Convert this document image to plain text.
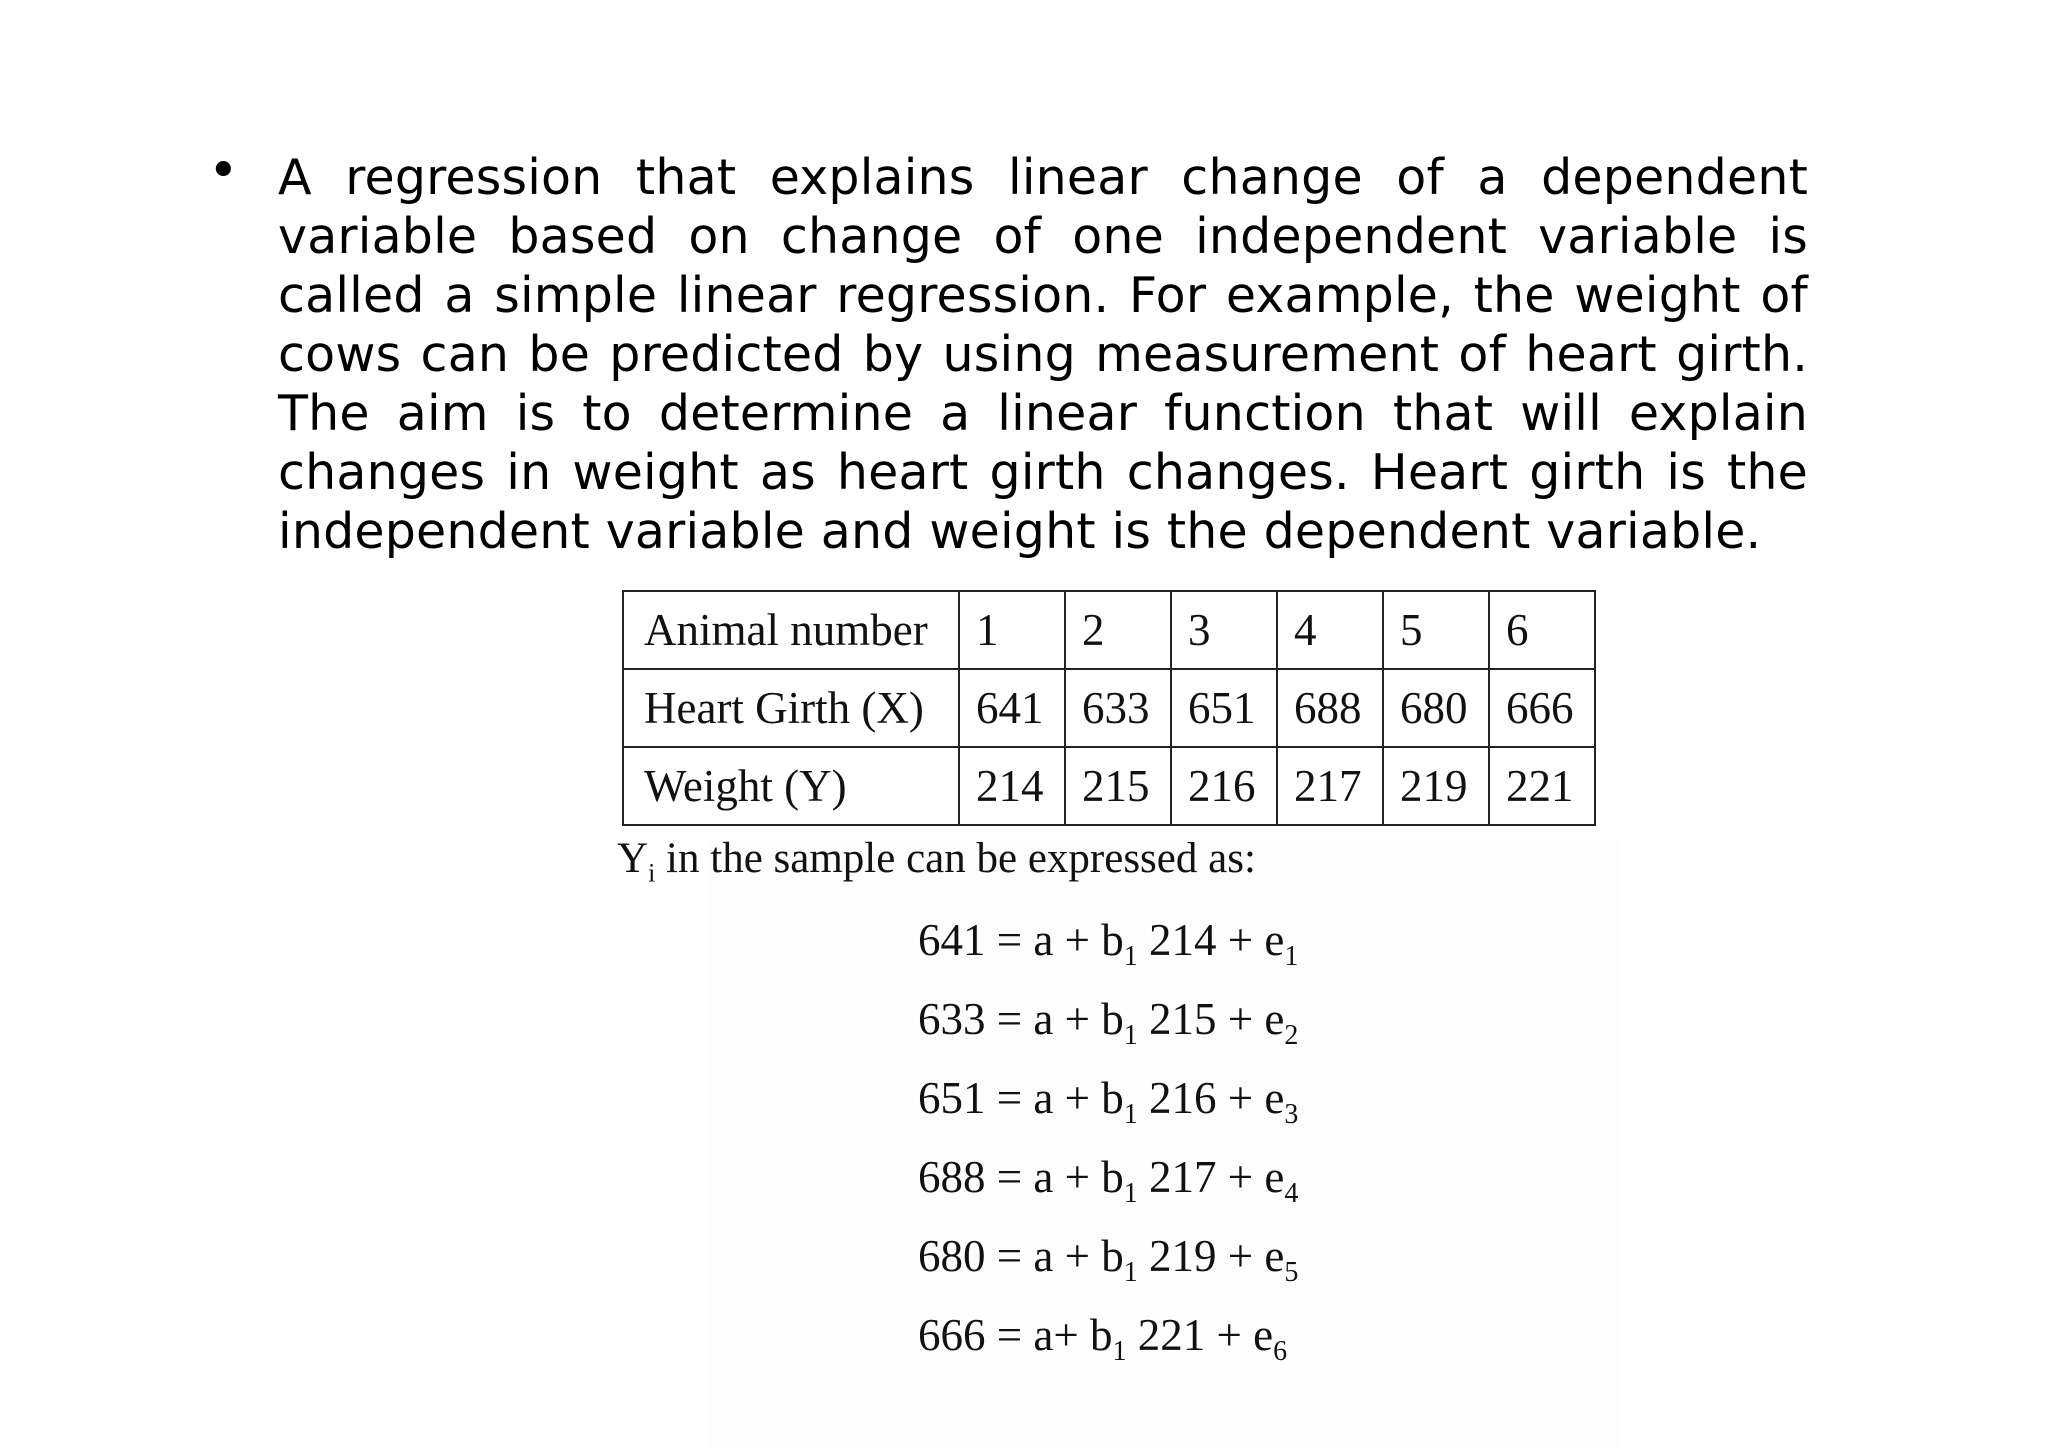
• A regression that explains linear change of a dependent variable based on change of one independent variable is called a simple linear regression. For example, the weight of cows can be predicted by using measurement of heart girth. The aim is to determine a linear function that will explain changes in weight as heart girth changes. Heart girth is the independent variable and weight is the dependent variable.
Animal number	1	2	3	4	5	6
Heart Girth (X)	641	633	651	688	680	666
Weight (Y)	214	215	216	217	219	221
$Y_i$ in the sample can be expressed as:
$641 = a + b_1$ $214 + e_1$
$633 = a + b_1$ $215 + e_2$
$651 = a + b_1$ $216 + e_3$
$688 = a + b_1$ $217 + e_4$
$680 = a + b_1$ $219 + e_5$
$666 = a+ b_1$ $221 + e_6$
